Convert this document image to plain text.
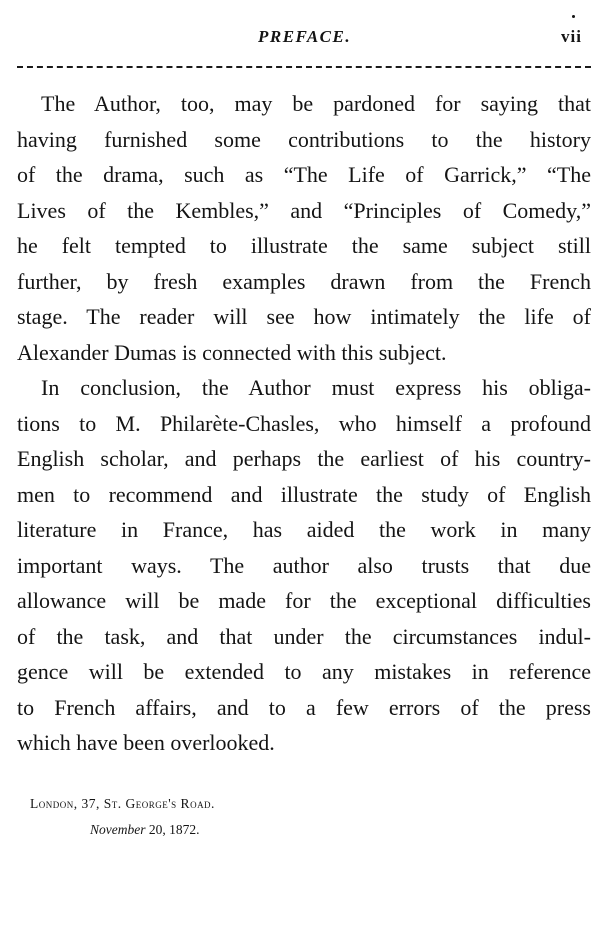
PREFACE.	vii

The Author, too, may be pardoned for saying that
having furnished some contributions to the history
of the drama, such as “The Life of Garrick,” “The
Lives of the Kembles,” and “Principles of Comedy,”
he felt tempted to illustrate the same subject still
further, by fresh examples drawn from the French
stage. The reader will see how intimately the life of
Alexander Dumas is connected with this subject.

In conclusion, the Author must express his obliga-
tions to M. Philarète-Chasles, who himself a profound
English scholar, and perhaps the earliest of his country-
men to recommend and illustrate the study of English
literature in France, has aided the work in many
important ways. The author also trusts that due
allowance will be made for the exceptional difficulties
of the task, and that under the circumstances indul-
gence will be extended to any mistakes in reference
to French affairs, and to a few errors of the press
which have been overlooked.

London, 37, St. George's Road.
November 20, 1872.
